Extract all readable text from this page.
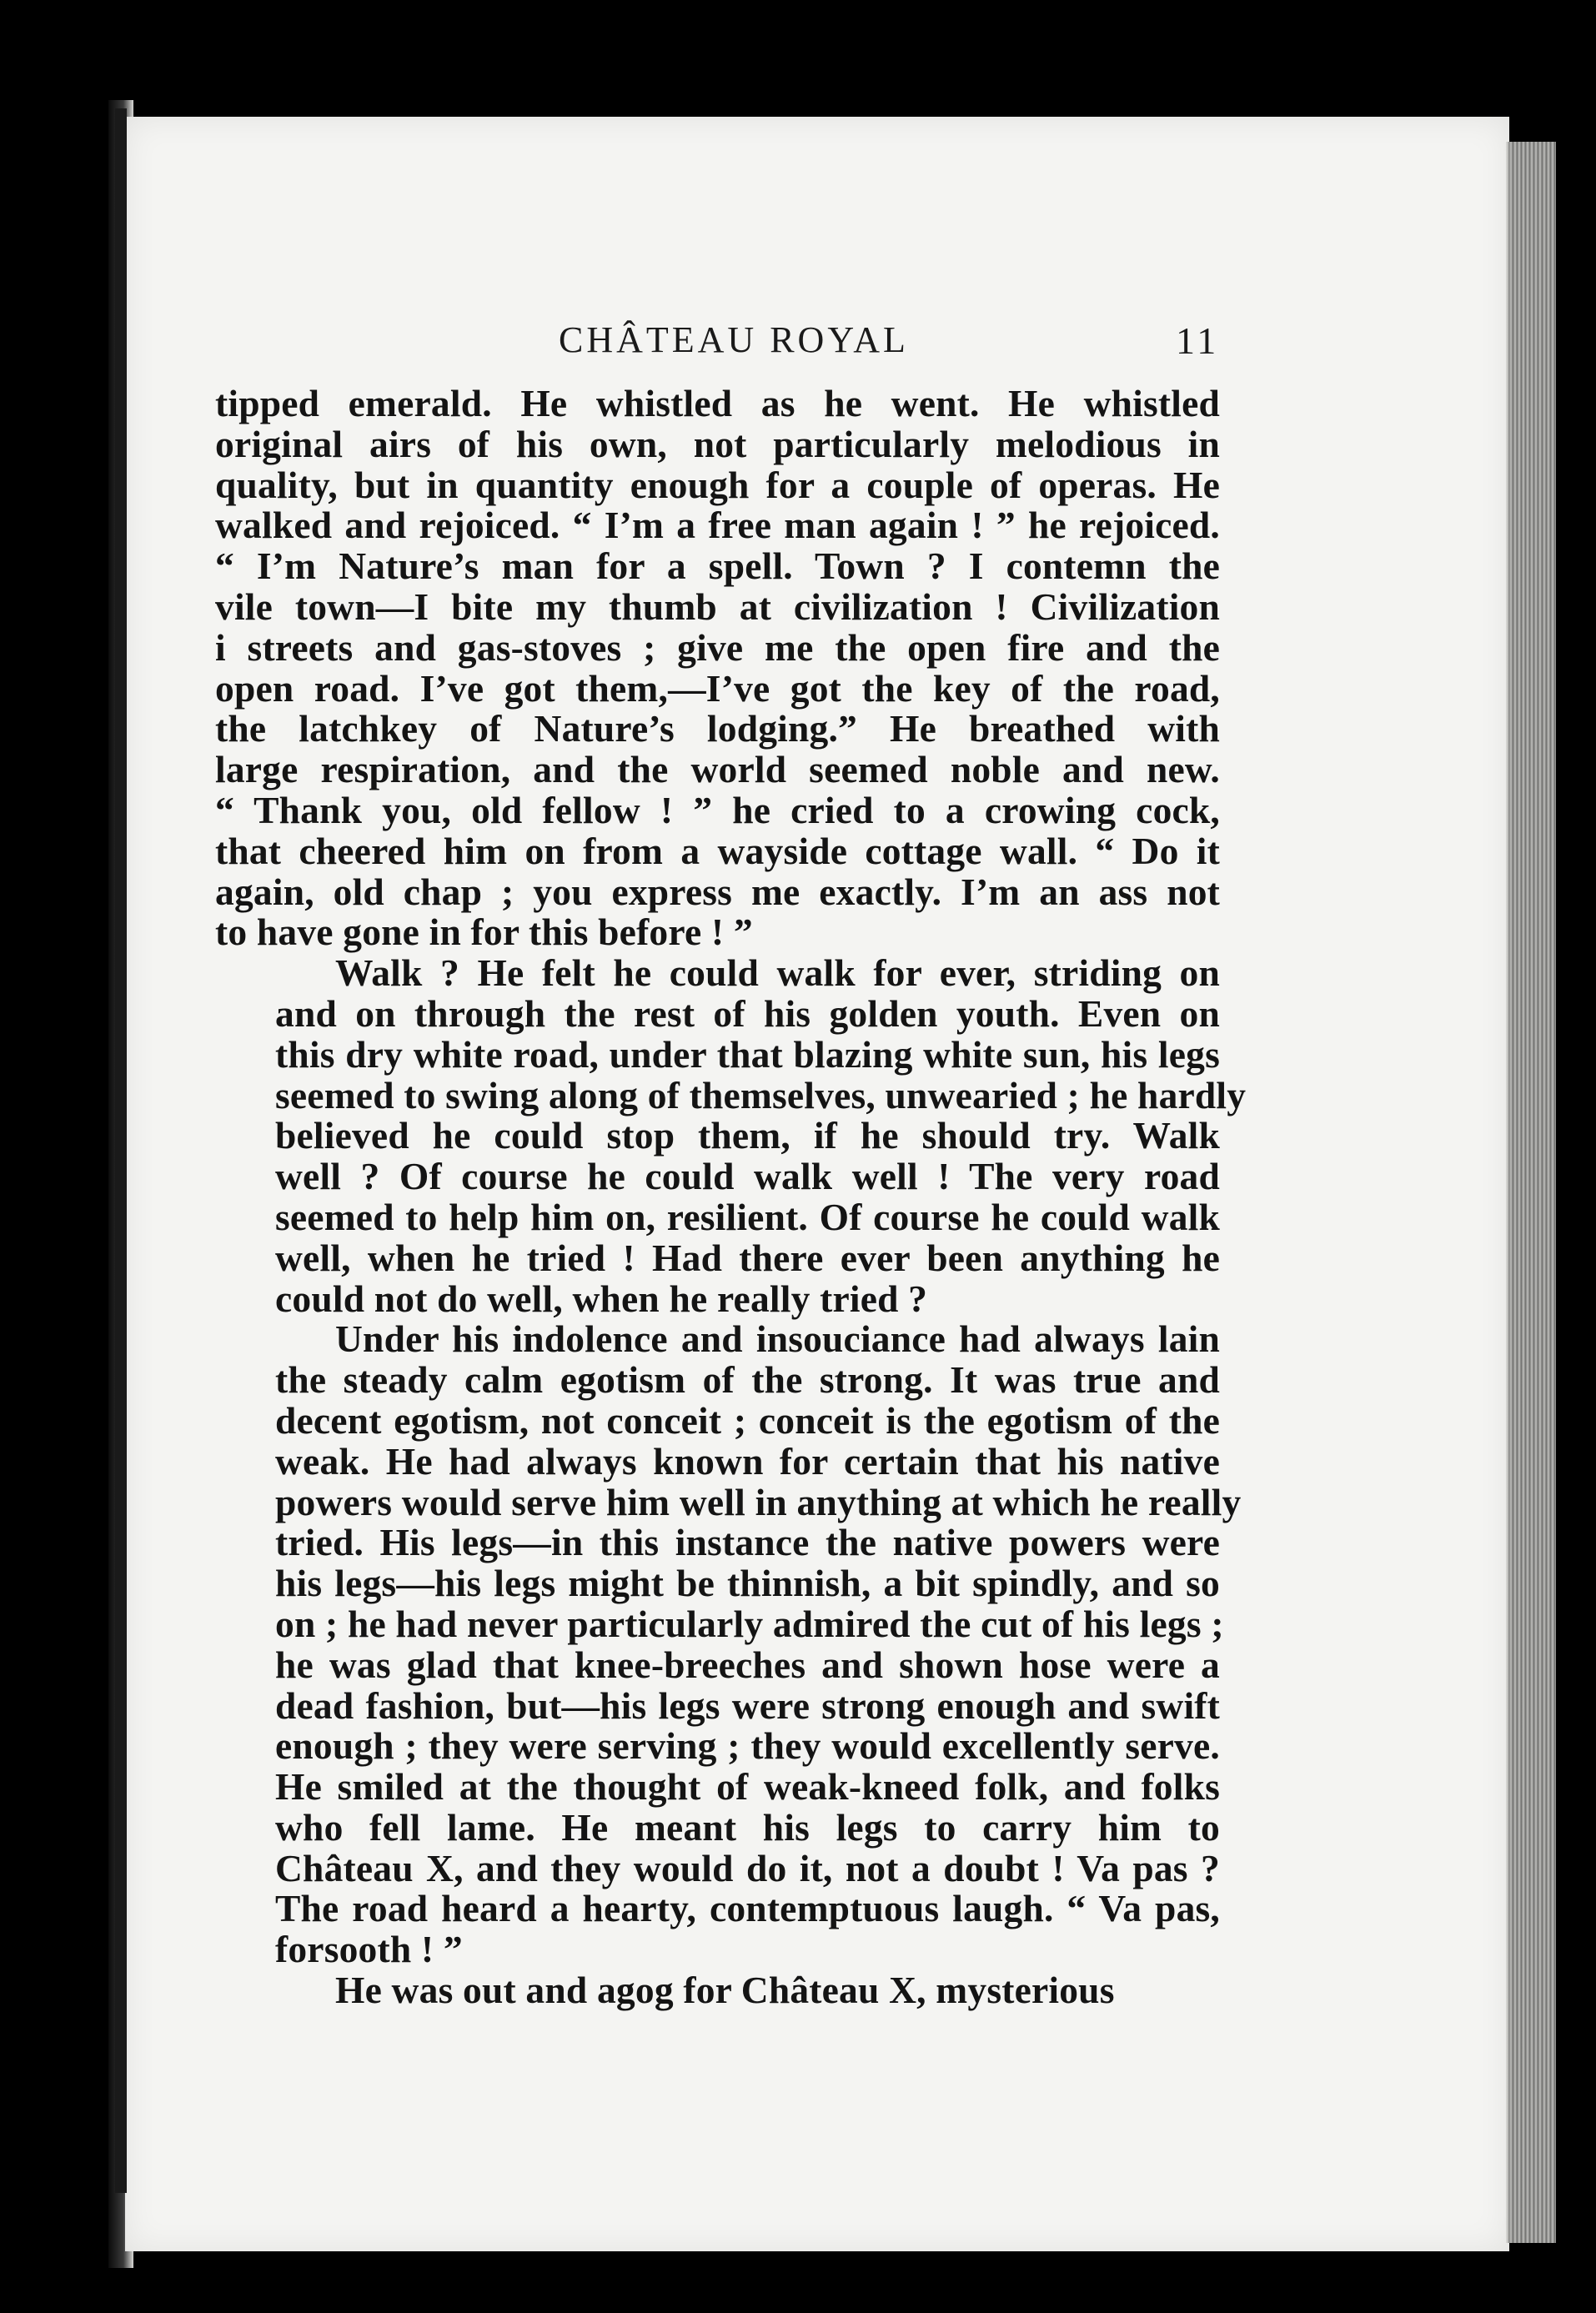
CHÂTEAU ROYAL	11
tipped emerald. He whistled as he went. He whistled
original airs of his own, not particularly melodious in
quality, but in quantity enough for a couple of operas. He
walked and rejoiced. “ I’m a free man again ! ” he rejoiced.
“ I’m Nature’s man for a spell. Town ? I contemn the
vile town—I bite my thumb at civilization ! Civilization
i streets and gas-stoves ; give me the open fire and the
open road. I’ve got them,—I’ve got the key of the road,
the latchkey of Nature’s lodging.” He breathed with
large respiration, and the world seemed noble and new.
“ Thank you, old fellow ! ” he cried to a crowing cock,
that cheered him on from a wayside cottage wall. “ Do it
again, old chap ; you express me exactly. I’m an ass not
to have gone in for this before ! ”
Walk ? He felt he could walk for ever, striding on
and on through the rest of his golden youth. Even on
this dry white road, under that blazing white sun, his legs
seemed to swing along of themselves, unwearied ; he hardly
believed he could stop them, if he should try. Walk
well ? Of course he could walk well ! The very road
seemed to help him on, resilient. Of course he could walk
well, when he tried ! Had there ever been anything he
could not do well, when he really tried ?
Under his indolence and insouciance had always lain
the steady calm egotism of the strong. It was true and
decent egotism, not conceit ; conceit is the egotism of the
weak. He had always known for certain that his native
powers would serve him well in anything at which he really
tried. His legs—in this instance the native powers were
his legs—his legs might be thinnish, a bit spindly, and so
on ; he had never particularly admired the cut of his legs ;
he was glad that knee-breeches and shown hose were a
dead fashion, but—his legs were strong enough and swift
enough ; they were serving ; they would excellently serve.
He smiled at the thought of weak-kneed folk, and folks
who fell lame. He meant his legs to carry him to
Château X, and they would do it, not a doubt ! Va pas ?
The road heard a hearty, contemptuous laugh. “ Va pas,
forsooth ! ”
He was out and agog for Château X, mysterious
